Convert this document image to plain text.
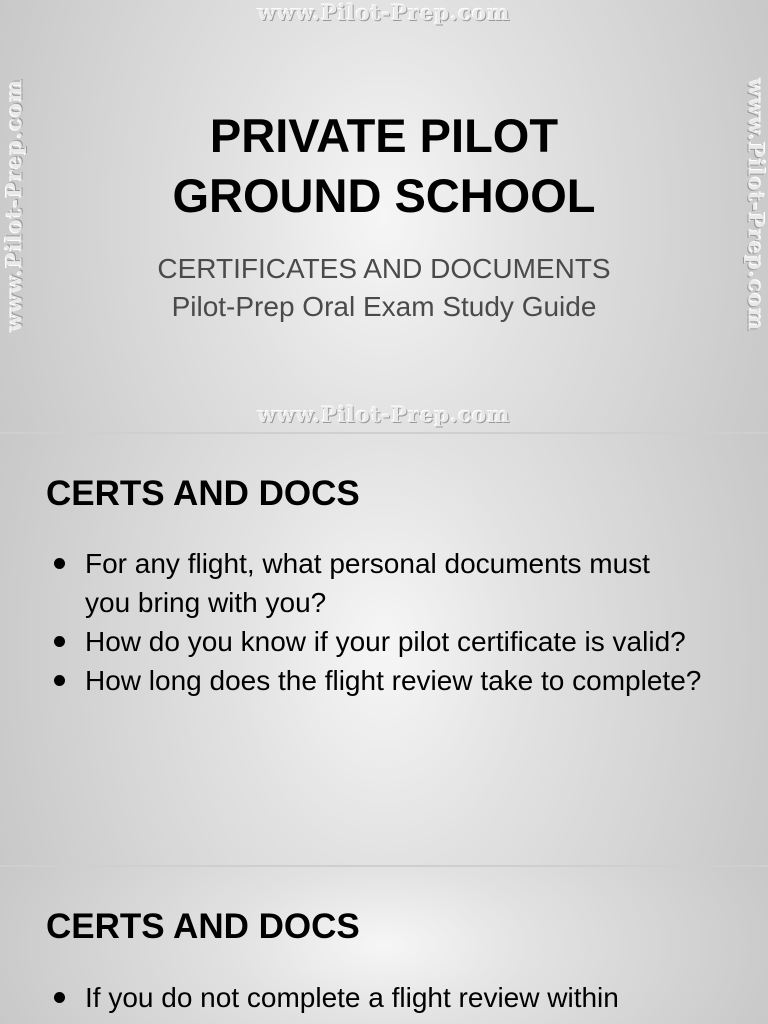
www.Pilot-Prep.com
www.Pilot-Prep.com	www.Pilot-Prep.com
PRIVATE PILOT
GROUND SCHOOL
CERTIFICATES AND DOCUMENTS
Pilot-Prep Oral Exam Study Guide
www.Pilot-Prep.com
CERTS AND DOCS
For any flight, what personal documents must you bring with you?
How do you know if your pilot certificate is valid?
How long does the flight review take to complete?
CERTS AND DOCS
If you do not complete a flight review within
